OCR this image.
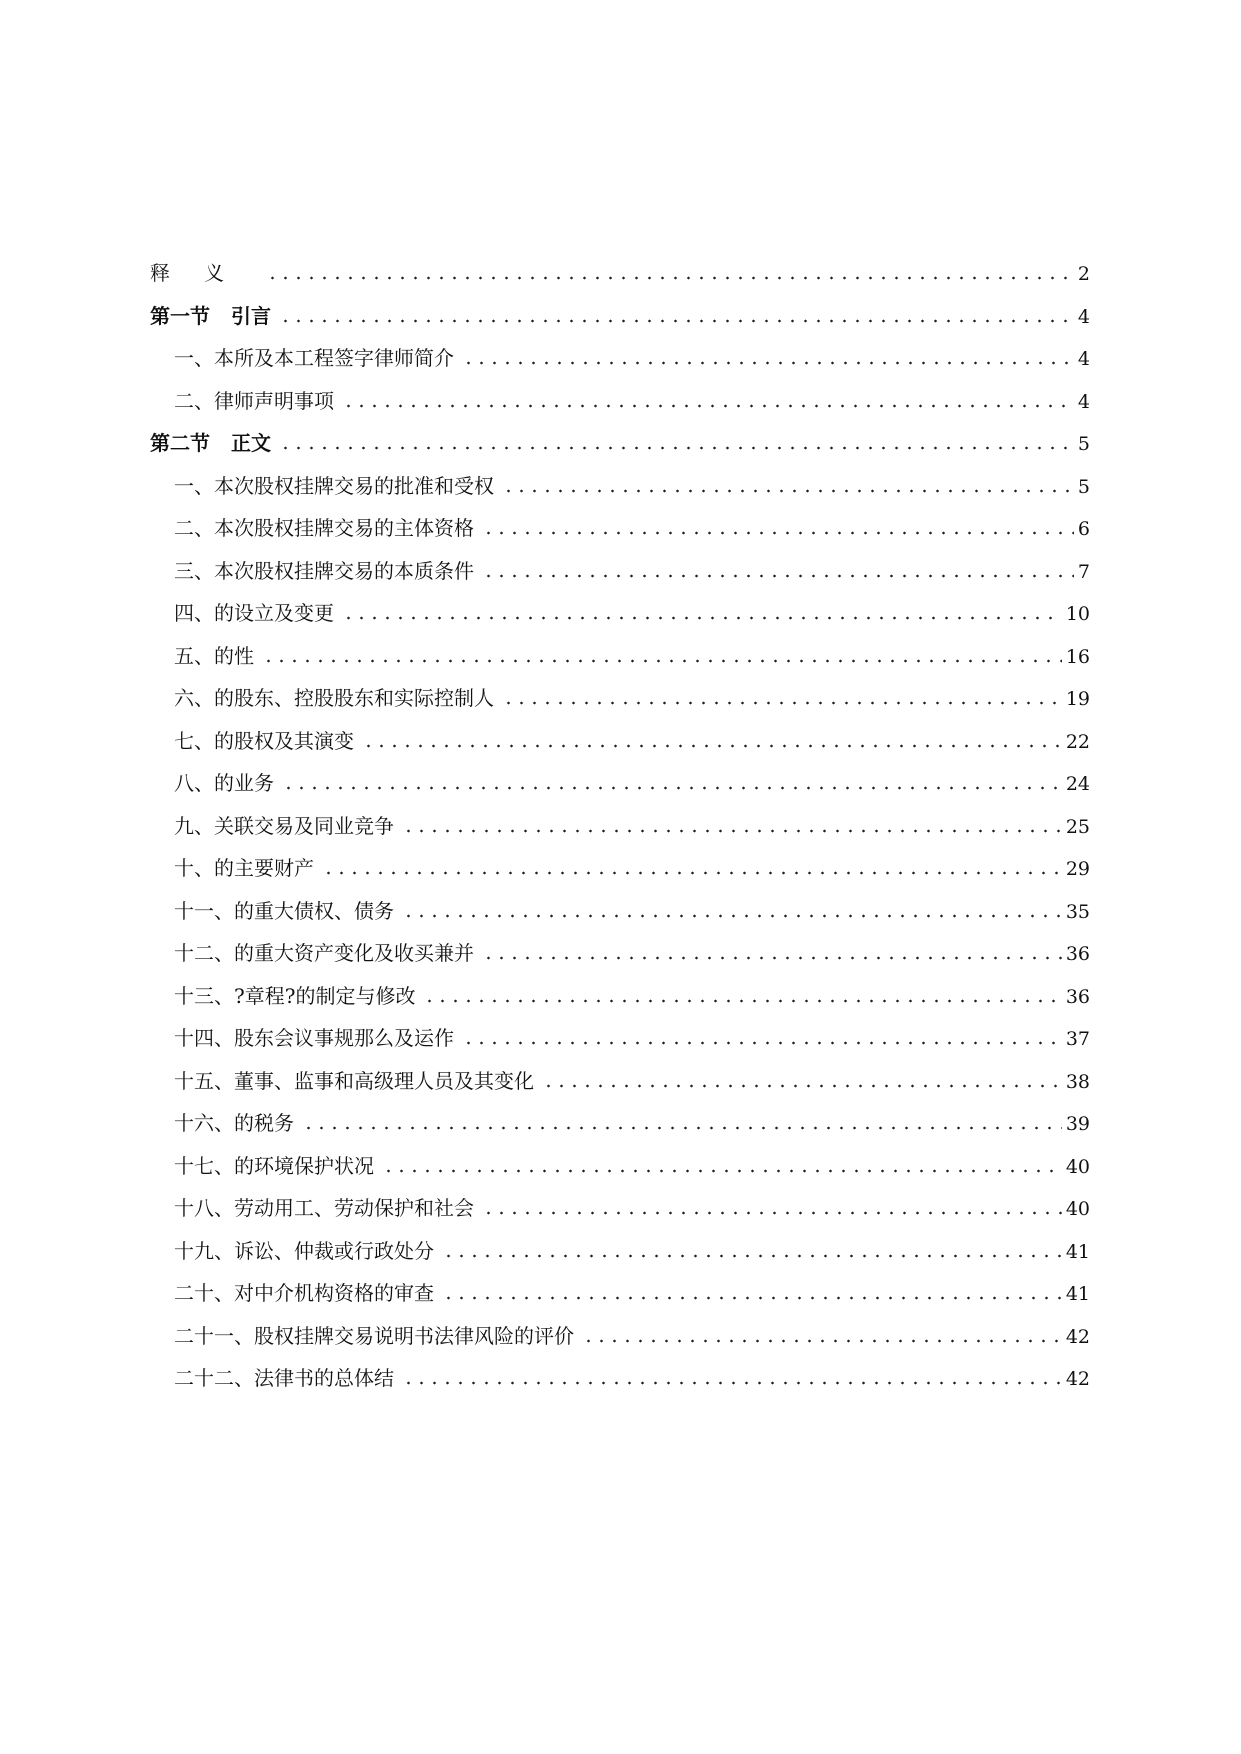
释义	2
第一节 引言	4
一、本所及本工程签字律师简介	4
二、律师声明事项	4
第二节 正文	5
一、本次股权挂牌交易的批准和受权	5
二、本次股权挂牌交易的主体资格	6
三、本次股权挂牌交易的本质条件	7
四、的设立及变更	10
五、的性	16
六、的股东、控股股东和实际控制人	19
七、的股权及其演变	22
八、的业务	24
九、关联交易及同业竞争	25
十、的主要财产	29
十一、的重大债权、债务	35
十二、的重大资产变化及收买兼并	36
十三、?章程?的制定与修改	36
十四、股东会议事规那么及运作	37
十五、董事、监事和高级理人员及其变化	38
十六、的税务	39
十七、的环境保护状况	40
十八、劳动用工、劳动保护和社会	40
十九、诉讼、仲裁或行政处分	41
二十、对中介机构资格的审查	41
二十一、股权挂牌交易说明书法律风险的评价	42
二十二、法律书的总体结	42
